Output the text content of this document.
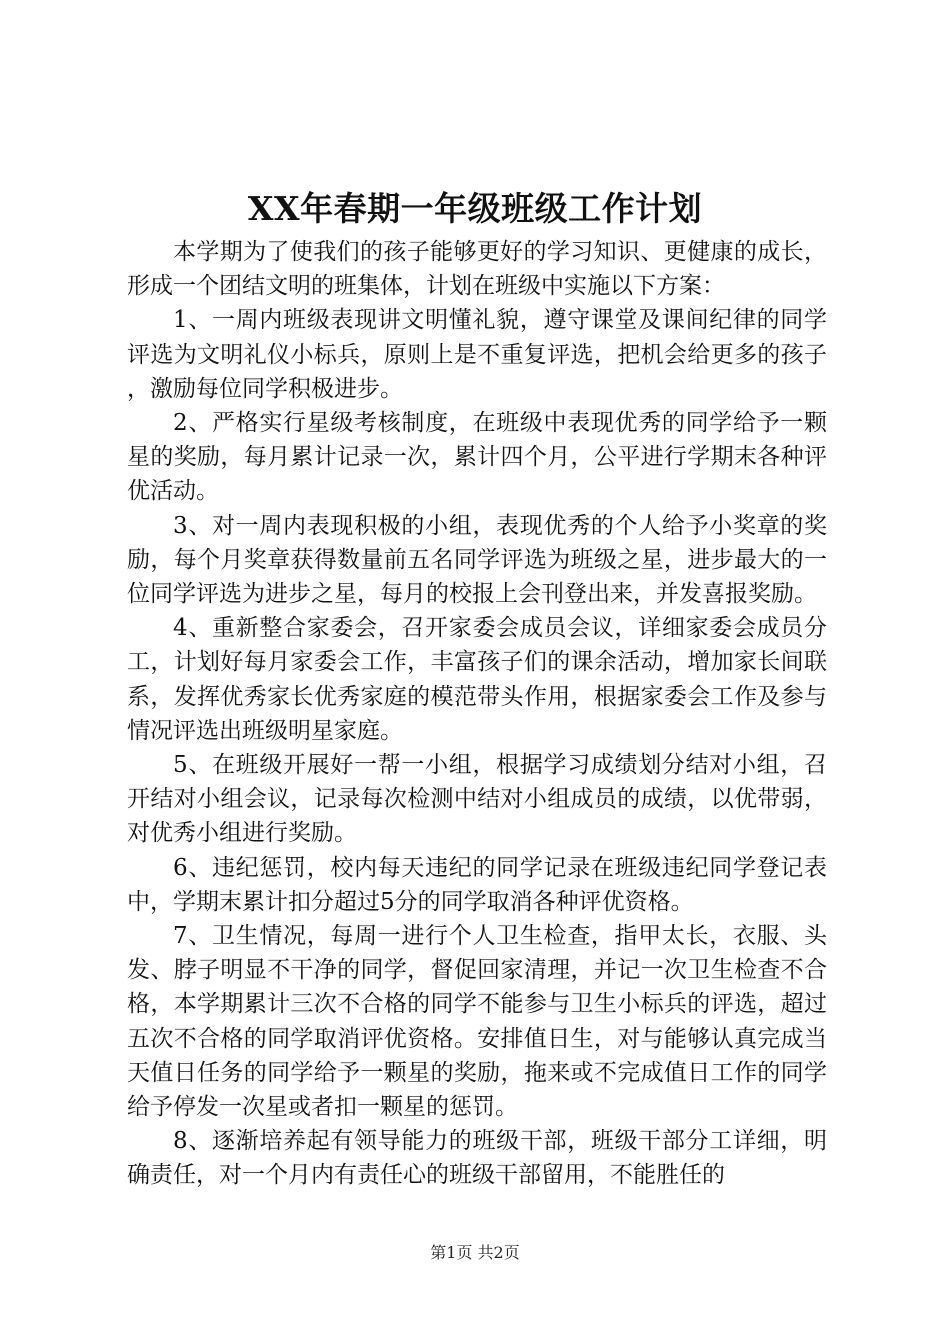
XX年春期一年级班级工作计划

本学期为了使我们的孩子能够更好的学习知识、更健康的成长，形成一个团结文明的班集体，计划在班级中实施以下方案：

1、一周内班级表现讲文明懂礼貌，遵守课堂及课间纪律的同学评选为文明礼仪小标兵，原则上是不重复评选，把机会给更多的孩子，激励每位同学积极进步。

2、严格实行星级考核制度，在班级中表现优秀的同学给予一颗星的奖励，每月累计记录一次，累计四个月，公平进行学期末各种评优活动。

3、对一周内表现积极的小组，表现优秀的个人给予小奖章的奖励，每个月奖章获得数量前五名同学评选为班级之星，进步最大的一位同学评选为进步之星，每月的校报上会刊登出来，并发喜报奖励。

4、重新整合家委会，召开家委会成员会议，详细家委会成员分工，计划好每月家委会工作，丰富孩子们的课余活动，增加家长间联系，发挥优秀家长优秀家庭的模范带头作用，根据家委会工作及参与情况评选出班级明星家庭。

5、在班级开展好一帮一小组，根据学习成绩划分结对小组，召开结对小组会议，记录每次检测中结对小组成员的成绩，以优带弱，对优秀小组进行奖励。

6、违纪惩罚，校内每天违纪的同学记录在班级违纪同学登记表中，学期末累计扣分超过5分的同学取消各种评优资格。

7、卫生情况，每周一进行个人卫生检查，指甲太长，衣服、头发、脖子明显不干净的同学，督促回家清理，并记一次卫生检查不合格，本学期累计三次不合格的同学不能参与卫生小标兵的评选，超过五次不合格的同学取消评优资格。安排值日生，对与能够认真完成当天值日任务的同学给予一颗星的奖励，拖来或不完成值日工作的同学给予停发一次星或者扣一颗星的惩罚。

8、逐渐培养起有领导能力的班级干部，班级干部分工详细，明确责任，对一个月内有责任心的班级干部留用，不能胜任的

第1页 共2页
